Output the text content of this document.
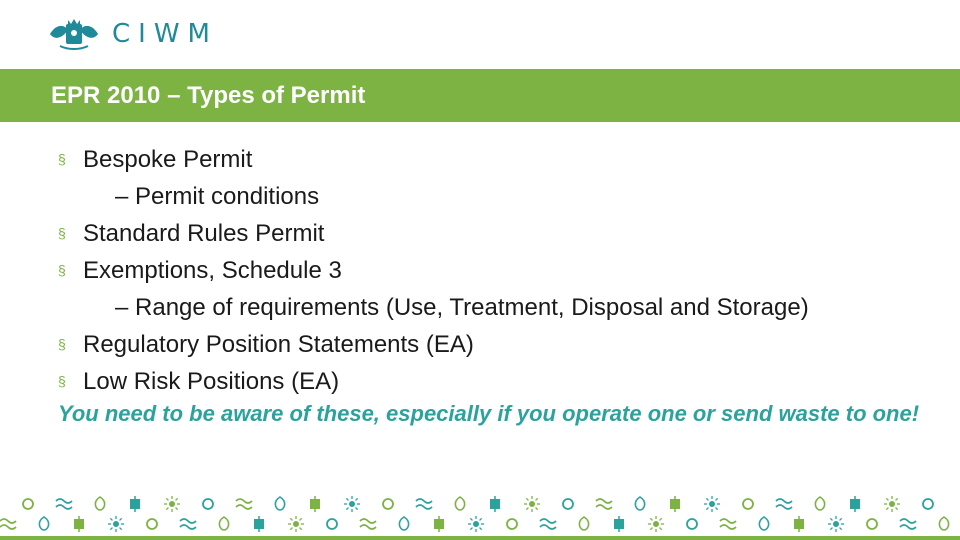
CIWM
EPR 2010 – Types of Permit
§ Bespoke Permit
– Permit conditions
§ Standard Rules Permit
§ Exemptions, Schedule 3
– Range of requirements (Use, Treatment, Disposal and Storage)
§ Regulatory Position Statements (EA)
§ Low Risk Positions (EA)
You need to be aware of these, especially if you operate one or send waste to one!
